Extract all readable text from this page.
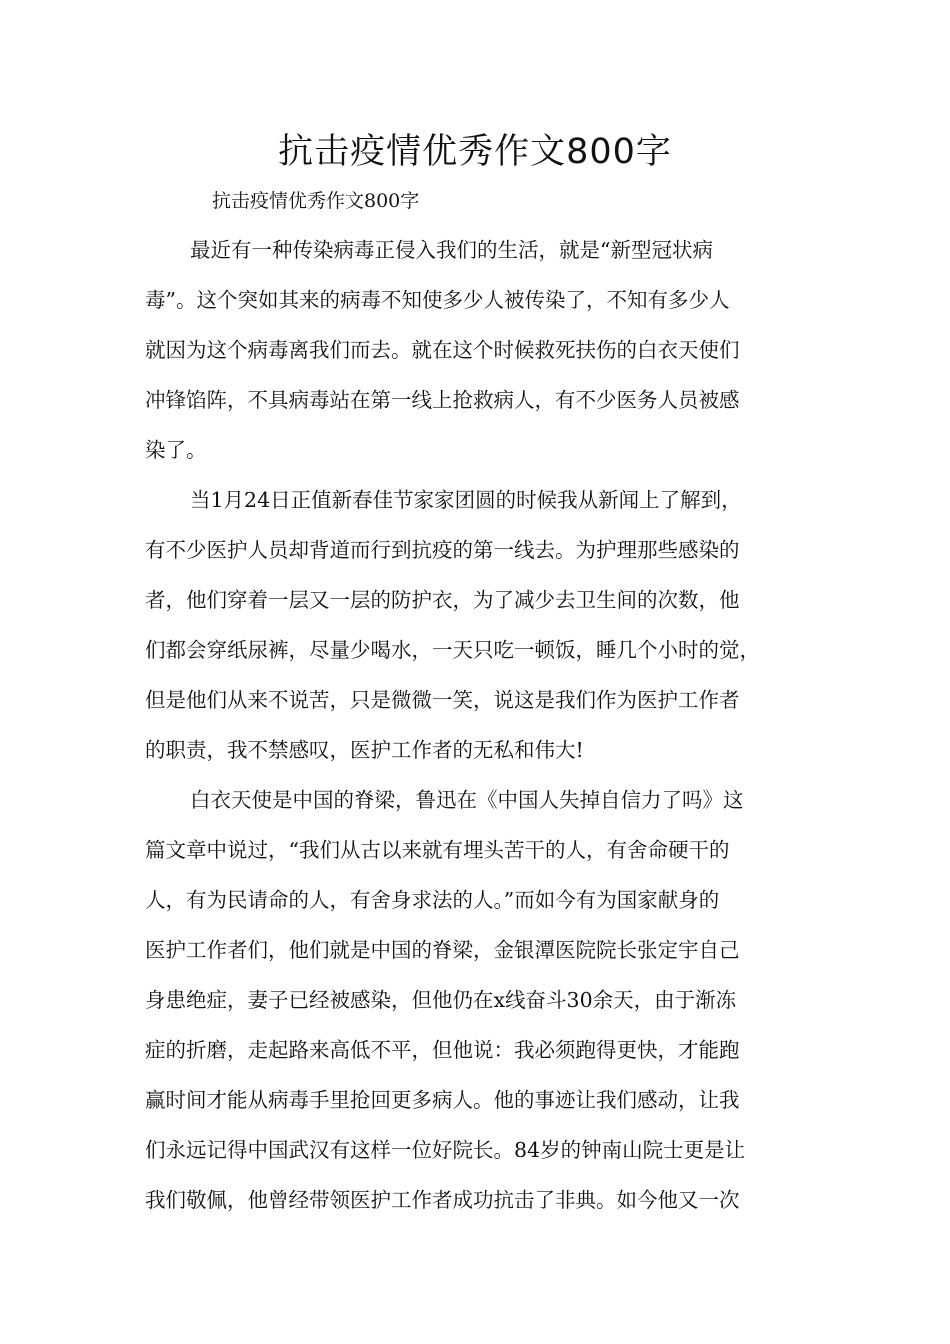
抗击疫情优秀作文800字

抗击疫情优秀作文800字

最近有一种传染病毒正侵入我们的生活，就是“新型冠状病

毒”。这个突如其来的病毒不知使多少人被传染了，不知有多少人

就因为这个病毒离我们而去。就在这个时候救死扶伤的白衣天使们

冲锋馅阵，不具病毒站在第一线上抢救病人，有不少医务人员被感

染了。

当1月24日正值新春佳节家家团圆的时候我从新闻上了解到，

有不少医护人员却背道而行到抗疫的第一线去。为护理那些感染的

者，他们穿着一层又一层的防护衣，为了减少去卫生间的次数，他

们都会穿纸尿裤，尽量少喝水，一天只吃一顿饭，睡几个小时的觉，

但是他们从来不说苦，只是微微一笑，说这是我们作为医护工作者

的职责，我不禁感叹，医护工作者的无私和伟大!

白衣天使是中国的脊梁，鲁迅在《中国人失掉自信力了吗》这

篇文章中说过，“我们从古以来就有埋头苦干的人，有舍命硬干的

人，有为民请命的人，有舍身求法的人。”而如今有为国家献身的

医护工作者们，他们就是中国的脊梁，金银潭医院院长张定宇自己

身患绝症，妻子已经被感染，但他仍在x线奋斗30余天，由于渐冻

症的折磨，走起路来高低不平，但他说：我必须跑得更快，才能跑

赢时间才能从病毒手里抢回更多病人。他的事迹让我们感动，让我

们永远记得中国武汉有这样一位好院长。84岁的钟南山院士更是让

我们敬佩，他曾经带领医护工作者成功抗击了非典。如今他又一次
